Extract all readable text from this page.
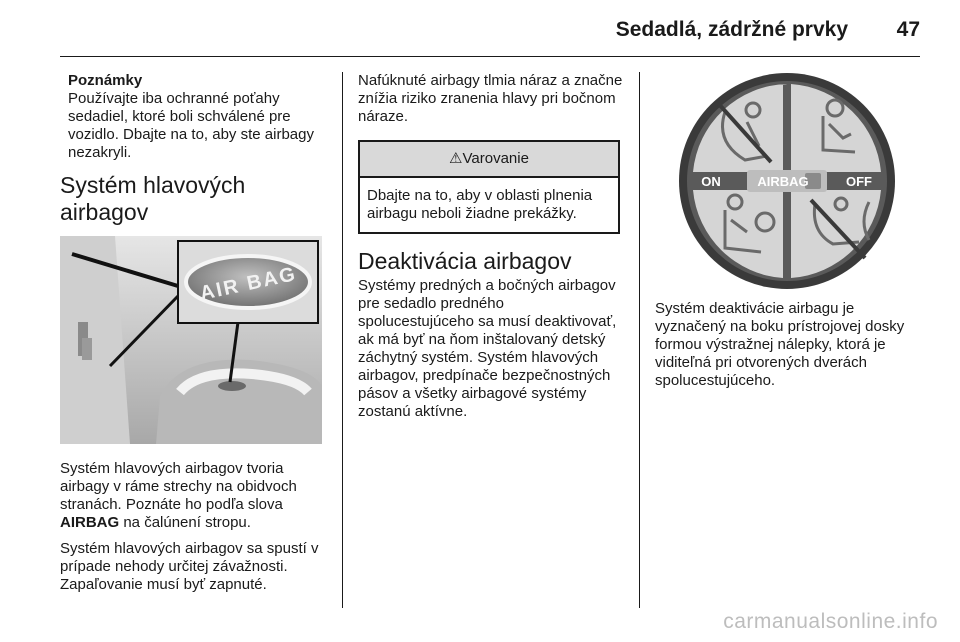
Sedadlá, zádržné prvky 47
Poznámky

Používajte iba ochranné poťahy sedadiel, ktoré boli schválené pre vozidlo. Dbajte na to, aby ste airbagy nezakryli.

Systém hlavových airbagov
AIR BAG

Systém hlavových airbagov tvoria airbagy v ráme strechy na obidvoch stranách. Poznáte ho podľa slova AIRBAG na čalúnení stropu.

Systém hlavových airbagov sa spustí v prípade nehody určitej závažnosti. Zapaľovanie musí byť zapnuté.

Nafúknuté airbagy tlmia náraz a značne znížia riziko zranenia hlavy pri bočnom náraze.

⚠Varovanie

Dbajte na to, aby v oblasti plnenia airbagu neboli žiadne prekážky.

Deaktivácia airbagov

Systémy predných a bočných airbagov pre sedadlo predného spolucestujúceho sa musí deaktivovať, ak má byť na ňom inštalovaný detský záchytný systém. Systém hlavových airbagov, predpínače bezpečnostných pásov a všetky airbagové systémy zostanú aktívne.

AIRBAG
ON	OFF

Systém deaktivácie airbagu je vyznačený na boku prístrojovej dosky formou výstražnej nálepky, ktorá je viditeľná pri otvorených dverách spolucestujúceho.

carmanualsonline.info
